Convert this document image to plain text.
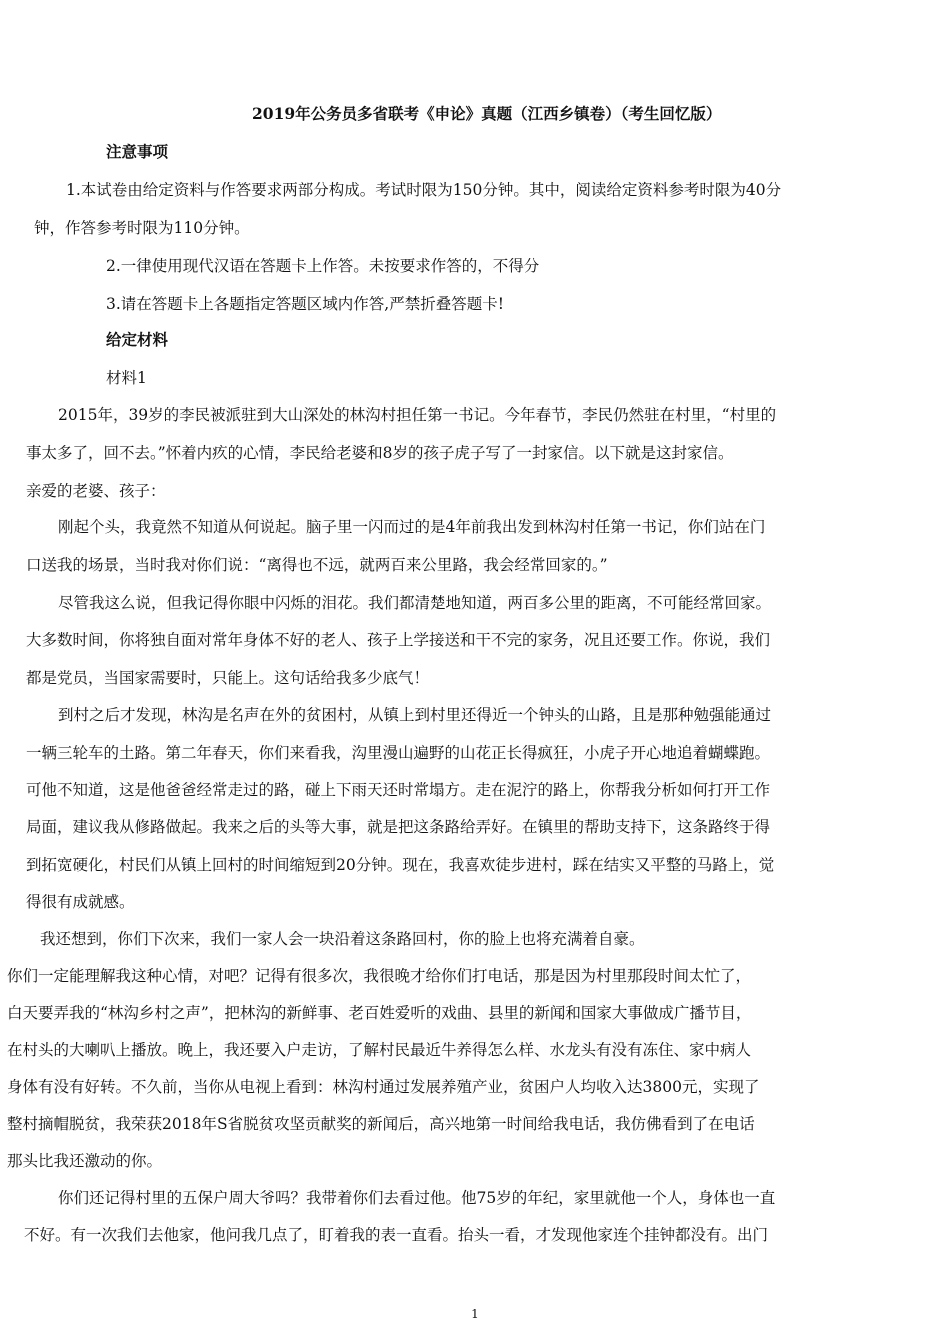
2019年公务员多省联考《申论》真题（江西乡镇卷）（考生回忆版）
注意事项
1.本试卷由给定资料与作答要求两部分构成。考试时限为150分钟。其中，阅读给定资料参考时限为40分
钟，作答参考时限为110分钟。
2.一律使用现代汉语在答题卡上作答。未按要求作答的，不得分
3.请在答题卡上各题指定答题区域内作答,严禁折叠答题卡!
给定材料
材料1
2015年，39岁的李民被派驻到大山深处的林沟村担任第一书记。今年春节，李民仍然驻在村里，“村里的
事太多了，回不去。”怀着内疚的心情，李民给老婆和8岁的孩子虎子写了一封家信。以下就是这封家信。
亲爱的老婆、孩子：
刚起个头，我竟然不知道从何说起。脑子里一闪而过的是4年前我出发到林沟村任第一书记，你们站在门
口送我的场景，当时我对你们说：“离得也不远，就两百来公里路，我会经常回家的。”
尽管我这么说，但我记得你眼中闪烁的泪花。我们都清楚地知道，两百多公里的距离，不可能经常回家。
大多数时间，你将独自面对常年身体不好的老人、孩子上学接送和干不完的家务，况且还要工作。你说，我们
都是党员，当国家需要时，只能上。这句话给我多少底气！
到村之后才发现，林沟是名声在外的贫困村，从镇上到村里还得近一个钟头的山路，且是那种勉强能通过
一辆三轮车的土路。第二年春天，你们来看我，沟里漫山遍野的山花正长得疯狂，小虎子开心地追着蝴蝶跑。
可他不知道，这是他爸爸经常走过的路，碰上下雨天还时常塌方。走在泥泞的路上，你帮我分析如何打开工作
局面，建议我从修路做起。我来之后的头等大事，就是把这条路给弄好。在镇里的帮助支持下，这条路终于得
到拓宽硬化，村民们从镇上回村的时间缩短到20分钟。现在，我喜欢徒步进村，踩在结实又平整的马路上，觉
得很有成就感。
我还想到，你们下次来，我们一家人会一块沿着这条路回村，你的脸上也将充满着自豪。
你们一定能理解我这种心情，对吧？记得有很多次，我很晚才给你们打电话，那是因为村里那段时间太忙了，
白天要弄我的“林沟乡村之声”，把林沟的新鲜事、老百姓爱听的戏曲、县里的新闻和国家大事做成广播节目，
在村头的大喇叭上播放。晚上，我还要入户走访，了解村民最近牛养得怎么样、水龙头有没有冻住、家中病人
身体有没有好转。不久前，当你从电视上看到：林沟村通过发展养殖产业，贫困户人均收入达3800元，实现了
整村摘帽脱贫，我荣获2018年S省脱贫攻坚贡献奖的新闻后，高兴地第一时间给我电话，我仿佛看到了在电话
那头比我还激动的你。
你们还记得村里的五保户周大爷吗？我带着你们去看过他。他75岁的年纪，家里就他一个人，身体也一直
不好。有一次我们去他家，他问我几点了，盯着我的表一直看。抬头一看，才发现他家连个挂钟都没有。出门
1
